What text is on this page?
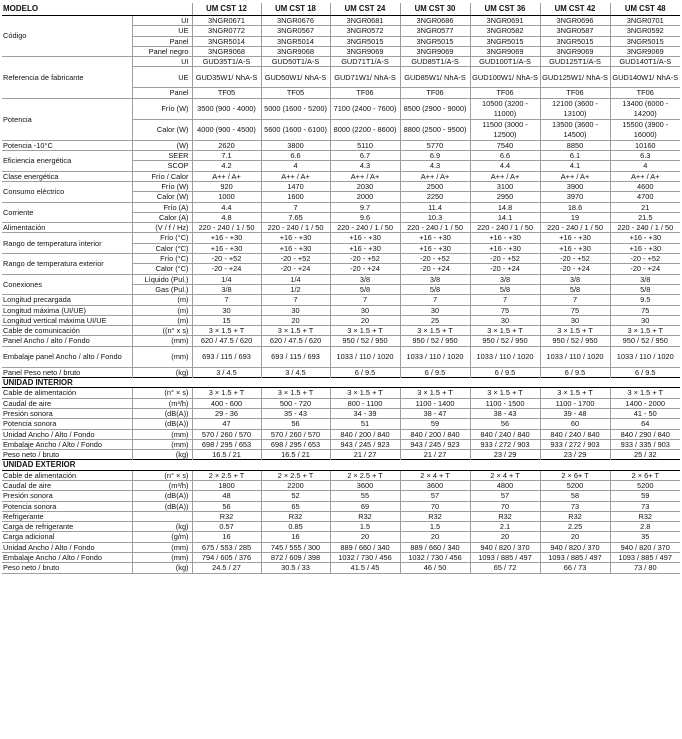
MODELO		UM CST 12	UM CST 18	UM CST 24	UM CST 30	UM CST 36	UM CST 42	UM CST 48
Código	UI	3NGR0671	3NGR0676	3NGR0681	3NGR0686	3NGR0691	3NGR0696	3NGR0701
	UE	3NGR0772	3NGR0567	3NGR0572	3NGR0577	3NGR0582	3NGR0587	3NGR0592
	Panel	3NGR5014	3NGR5014	3NGR5015	3NGR5015	3NGR5015	3NGR5015	3NGR5015
	Panel negro	3NGR9068	3NGR9068	3NGR9069	3NGR9069	3NGR9069	3NGR9069	3NGR9069
Referencia de fabricante	UI	GUD35T1/A-S	GUD50T1/A-S	GUD71T1/A-S	GUD85T1/A-S	GUD100T1/A-S	GUD125T1/A-S	GUD140T1/A-S
	UE	GUD35W1/ NhA-S	GUD50W1/ NhA-S	GUD71W1/ NhA-S	GUD85W1/ NhA-S	GUD100W1/ NhA-S	GUD125W1/ NhA-S	GUD140W1/ NhA-S
	Panel	TF05	TF05	TF06	TF06	TF06	TF06	TF06
Potencia	Frío (W)	3500 (900 - 4000)	5000 (1600 - 5200)	7100 (2400 - 7600)	8500 (2900 - 9000)	10500 (3200 - 11000)	12100 (3600 - 13100)	13400 (6000 - 14200)
	Calor (W)	4000 (900 - 4500)	5600 (1600 - 6100)	8000 (2200 - 8600)	8800 (2500 - 9500)	11500 (3000 - 12500)	13500 (3600 - 14500)	15500 (3900 - 16000)
Potencia -10°C	(W)	2620	3800	5110	5770	7540	8850	10160
Eficiencia energética	SEER	7.1	6.6	6.7	6.9	6.6	6.1	6.3
	SCOP	4.2	4	4.3	4.3	4.4	4.1	4
Clase energética	Frío / Calor	A++ / A+	A++ / A+	A++ / A+	A++ / A+	A++ / A+	A++ / A+	A++ / A+
Consumo eléctrico	Frío (W)	920	1470	2030	2500	3100	3900	4600
	Calor (W)	1000	1600	2000	2250	2950	3970	4700
Corriente	Frío (A)	4.4	7	9.7	11.4	14.8	18.6	21
	Calor (A)	4.8	7.65	9.6	10.3	14.1	19	21.5
Alimentación	(V / f / Hz)	220 - 240 / 1 / 50	220 - 240 / 1 / 50	220 - 240 / 1 / 50	220 - 240 / 1 / 50	220 - 240 / 1 / 50	220 - 240 / 1 / 50	220 - 240 / 1 / 50
Rango de temperatura interior	Frío (°C)	+16 - +30	+16 - +30	+16 - +30	+16 - +30	+16 - +30	+16 - +30	+16 - +30
	Calor (°C)	+16 - +30	+16 - +30	+16 - +30	+16 - +30	+16 - +30	+16 - +30	+16 - +30
Rango de temperatura exterior	Frío (°C)	-20 - +52	-20 - +52	-20 - +52	-20 - +52	-20 - +52	-20 - +52	-20 - +52
	Calor (°C)	-20 - +24	-20 - +24	-20 - +24	-20 - +24	-20 - +24	-20 - +24	-20 - +24
Conexiones	Líquido (Pul.)	1/4	1/4	3/8	3/8	3/8	3/8	3/8
	Gas (Pul.)	3/8	1/2	5/8	5/8	5/8	5/8	5/8
Longitud precargada	(m)	7	7	7	7	7	7	9.5
Longitud máxima (UI/UE)	(m)	30	30	30	30	75	75	75
Longitud vertical máxima UI/UE	(m)	15	20	20	25	30	30	30
Cable de comunicación	((n° x s)	3 × 1.5 + T	3 × 1.5 + T	3 × 1.5 + T	3 × 1.5 + T	3 × 1.5 + T	3 × 1.5 + T	3 × 1.5 + T
Panel Ancho / alto / Fondo	(mm)	620 / 47.5 / 620	620 / 47.5 / 620	950 / 52 / 950	950 / 52 / 950	950 / 52 / 950	950 / 52 / 950	950 / 52 / 950
Embalaje panel Ancho / alto / Fondo	(mm)	693 / 115 / 693	693 / 115 / 693	1033 / 110 / 1020	1033 / 110 / 1020	1033 / 110 / 1020	1033 / 110 / 1020	1033 / 110 / 1020
Panel Peso neto / bruto	(kg)	3 / 4.5	3 / 4.5	6 / 9.5	6 / 9.5	6 / 9.5	6 / 9.5	6 / 9.5
UNIDAD INTERIOR								
Cable de alimentación	(n° × s)	3 × 1.5 + T	3 × 1.5 + T	3 × 1.5 + T	3 × 1.5 + T	3 × 1.5 + T	3 × 1.5 + T	3 × 1.5 + T
Caudal de aire	(m³/h)	400 - 600	500 - 720	800 - 1100	1100 - 1400	1100 - 1500	1100 - 1700	1400 - 2000
Presión sonora	(dB(A))	29 - 36	35 - 43	34 - 39	38 - 47	38 - 43	39 - 48	41 - 50
Potencia sonora	(dB(A))	47	56	51	59	56	60	64
Unidad Ancho / Alto / Fondo	(mm)	570 / 260 / 570	570 / 260 / 570	840 / 200 / 840	840 / 200 / 840	840 / 240 / 840	840 / 240 / 840	840 / 290 / 840
Embalaje Ancho / Alto / Fondo	(mm)	698 / 295 / 653	698 / 295 / 653	943 / 245 / 923	943 / 245 / 923	933 / 272 / 903	933 / 272 / 903	933 / 335 / 903
Peso neto / bruto	(kg)	16.5 / 21	16.5 / 21	21 / 27	21 / 27	23 / 29	23 / 29	25 / 32
UNIDAD EXTERIOR								
Cable de alimentación	(n° × s)	2 × 2.5 + T	2 × 2.5 + T	2 × 2.5 + T	2 × 4 + T	2 × 4 + T	2 × 6+ T	2 × 6+ T
Caudal de aire	(m³/h)	1800	2200	3600	3600	4800	5200	5200
Presión sonora	(dB(A))	48	52	55	57	57	58	59
Potencia sonora	(dB(A))	56	65	69	70	70	73	73
Refrigerante		R32	R32	R32	R32	R32	R32	R32
Carga de refrigerante	(kg)	0.57	0.85	1.5	1.5	2.1	2.25	2.8
Carga adicional	(g/m)	16	16	20	20	20	20	35
Unidad Ancho / Alto / Fondo	(mm)	675 / 553 / 285	745 / 555 / 300	889 / 660 / 340	889 / 660 / 340	940 / 820 / 370	940 / 820 / 370	940 / 820 / 370
Embalaje Ancho / Alto / Fondo	(mm)	794 / 605 / 376	872 / 609 / 398	1032 / 730 / 456	1032 / 730 / 456	1093 / 885 / 497	1093 / 885 / 497	1093 / 885 / 497
Peso neto / bruto	(kg)	24.5 / 27	30.5 / 33	41.5 / 45	46 / 50	65 / 72	66 / 73	73 / 80
